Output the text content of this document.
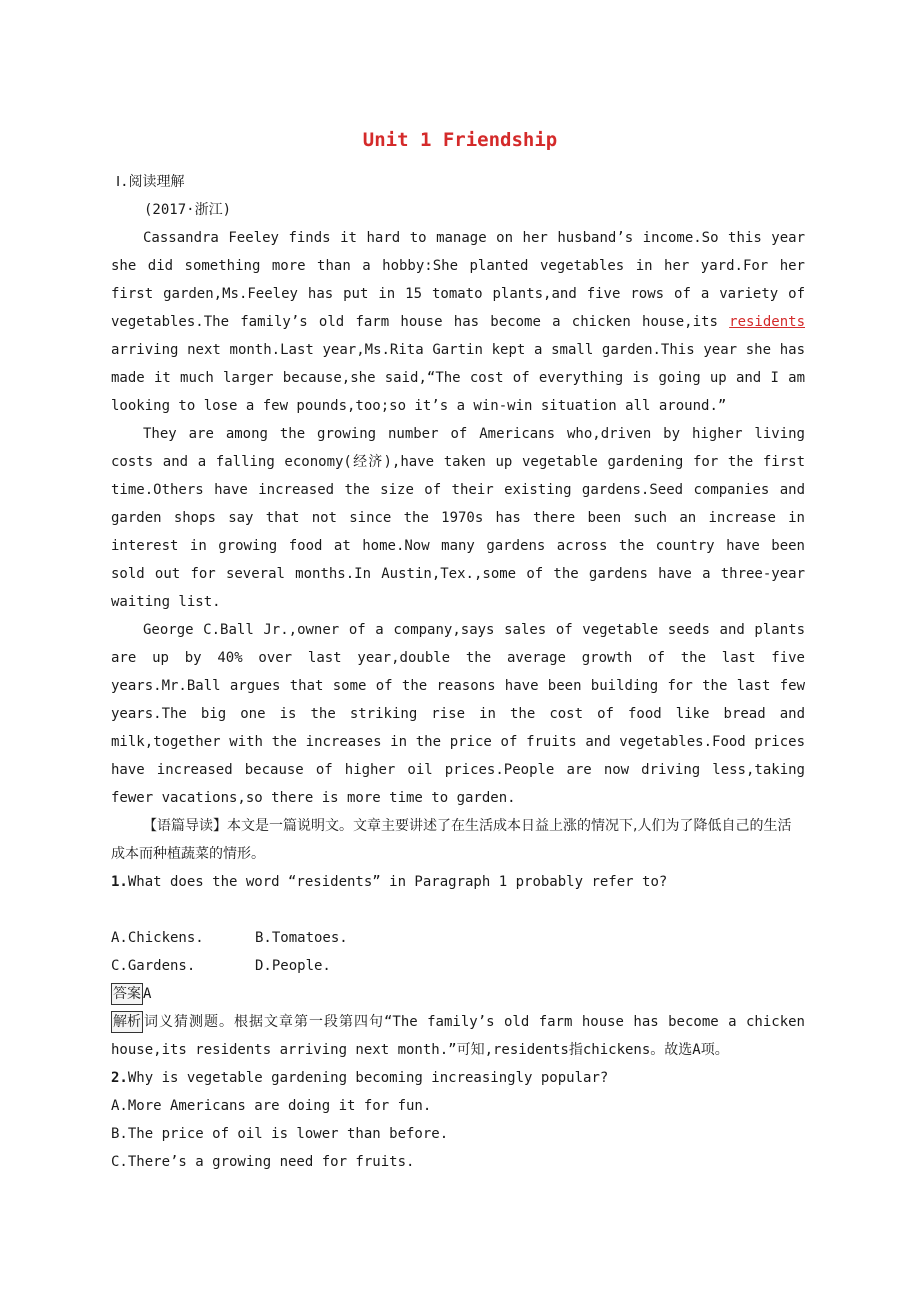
Unit 1 Friendship

Ⅰ.阅读理解

(2017·浙江)

Cassandra Feeley finds it hard to manage on her husband’s income.So this year she did something more than a hobby:She planted vegetables in her yard.For her first garden,Ms.Feeley has put in 15 tomato plants,and five rows of a variety of vegetables.The family’s old farm house has become a chicken house,its residents arriving next month.Last year,Ms.Rita Gartin kept a small garden.This year she has made it much larger because,she said,“The cost of everything is going up and I am looking to lose a few pounds,too;so it’s a win-win situation all around.”

They are among the growing number of Americans who,driven by higher living costs and a falling economy(经济),have taken up vegetable gardening for the first time.Others have increased the size of their existing gardens.Seed companies and garden shops say that not since the 1970s has there been such an increase in interest in growing food at home.Now many gardens across the country have been sold out for several months.In Austin,Tex.,some of the gardens have a three-year waiting list.

George C.Ball Jr.,owner of a company,says sales of vegetable seeds and plants are up by 40% over last year,double the average growth of the last five years.Mr.Ball argues that some of the reasons have been building for the last few years.The big one is the striking rise in the cost of food like bread and milk,together with the increases in the price of fruits and vegetables.Food prices have increased because of higher oil prices.People are now driving less,taking fewer vacations,so there is more time to garden.

【语篇导读】本文是一篇说明文。文章主要讲述了在生活成本日益上涨的情况下,人们为了降低自己的生活成本而种植蔬菜的情形。

1.What does the word “residents” in Paragraph 1 probably refer to?

A.Chickens.	B.Tomatoes.

C.Gardens.	D.People.

答案 A

解析 词义猜测题。根据文章第一段第四句“The family’s old farm house has become a chicken house,its residents arriving next month.”可知,residents指chickens。故选A项。

2.Why is vegetable gardening becoming increasingly popular?

A.More Americans are doing it for fun.

B.The price of oil is lower than before.

C.There’s a growing need for fruits.
